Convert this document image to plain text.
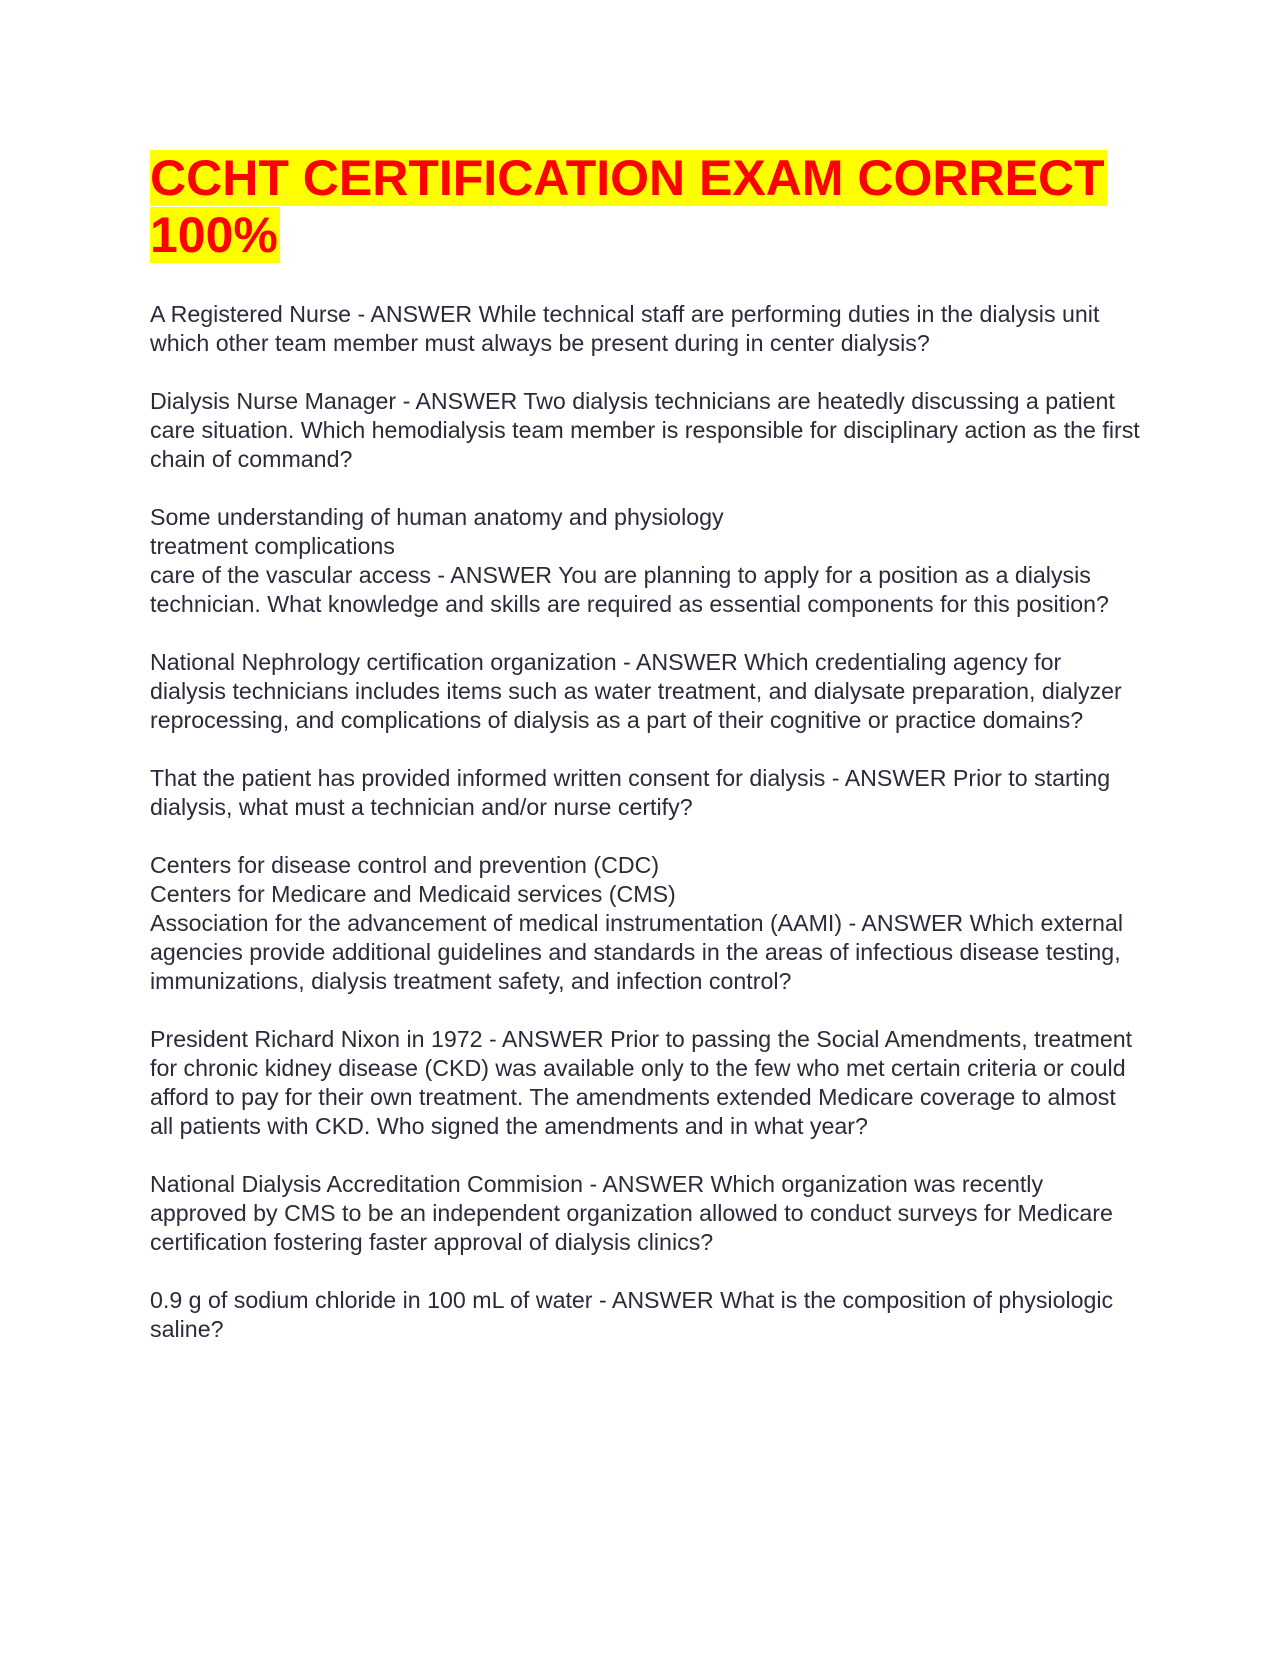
CCHT CERTIFICATION EXAM CORRECT 100%

A Registered Nurse - ANSWER While technical staff are performing duties in the dialysis unit which other team member must always be present during in center dialysis?

Dialysis Nurse Manager - ANSWER Two dialysis technicians are heatedly discussing a patient care situation. Which hemodialysis team member is responsible for disciplinary action as the first chain of command?

Some understanding of human anatomy and physiology
treatment complications
care of the vascular access - ANSWER You are planning to apply for a position as a dialysis technician. What knowledge and skills are required as essential components for this position?

National Nephrology certification organization - ANSWER Which credentialing agency for dialysis technicians includes items such as water treatment, and dialysate preparation, dialyzer reprocessing, and complications of dialysis as a part of their cognitive or practice domains?

That the patient has provided informed written consent for dialysis - ANSWER Prior to starting dialysis, what must a technician and/or nurse certify?

Centers for disease control and prevention (CDC)
Centers for Medicare and Medicaid services (CMS)
Association for the advancement of medical instrumentation (AAMI) - ANSWER Which external agencies provide additional guidelines and standards in the areas of infectious disease testing, immunizations, dialysis treatment safety, and infection control?

President Richard Nixon in 1972 - ANSWER Prior to passing the Social Amendments, treatment for chronic kidney disease (CKD) was available only to the few who met certain criteria or could afford to pay for their own treatment. The amendments extended Medicare coverage to almost all patients with CKD. Who signed the amendments and in what year?

National Dialysis Accreditation Commision - ANSWER Which organization was recently approved by CMS to be an independent organization allowed to conduct surveys for Medicare certification fostering faster approval of dialysis clinics?

0.9 g of sodium chloride in 100 mL of water - ANSWER What is the composition of physiologic saline?
